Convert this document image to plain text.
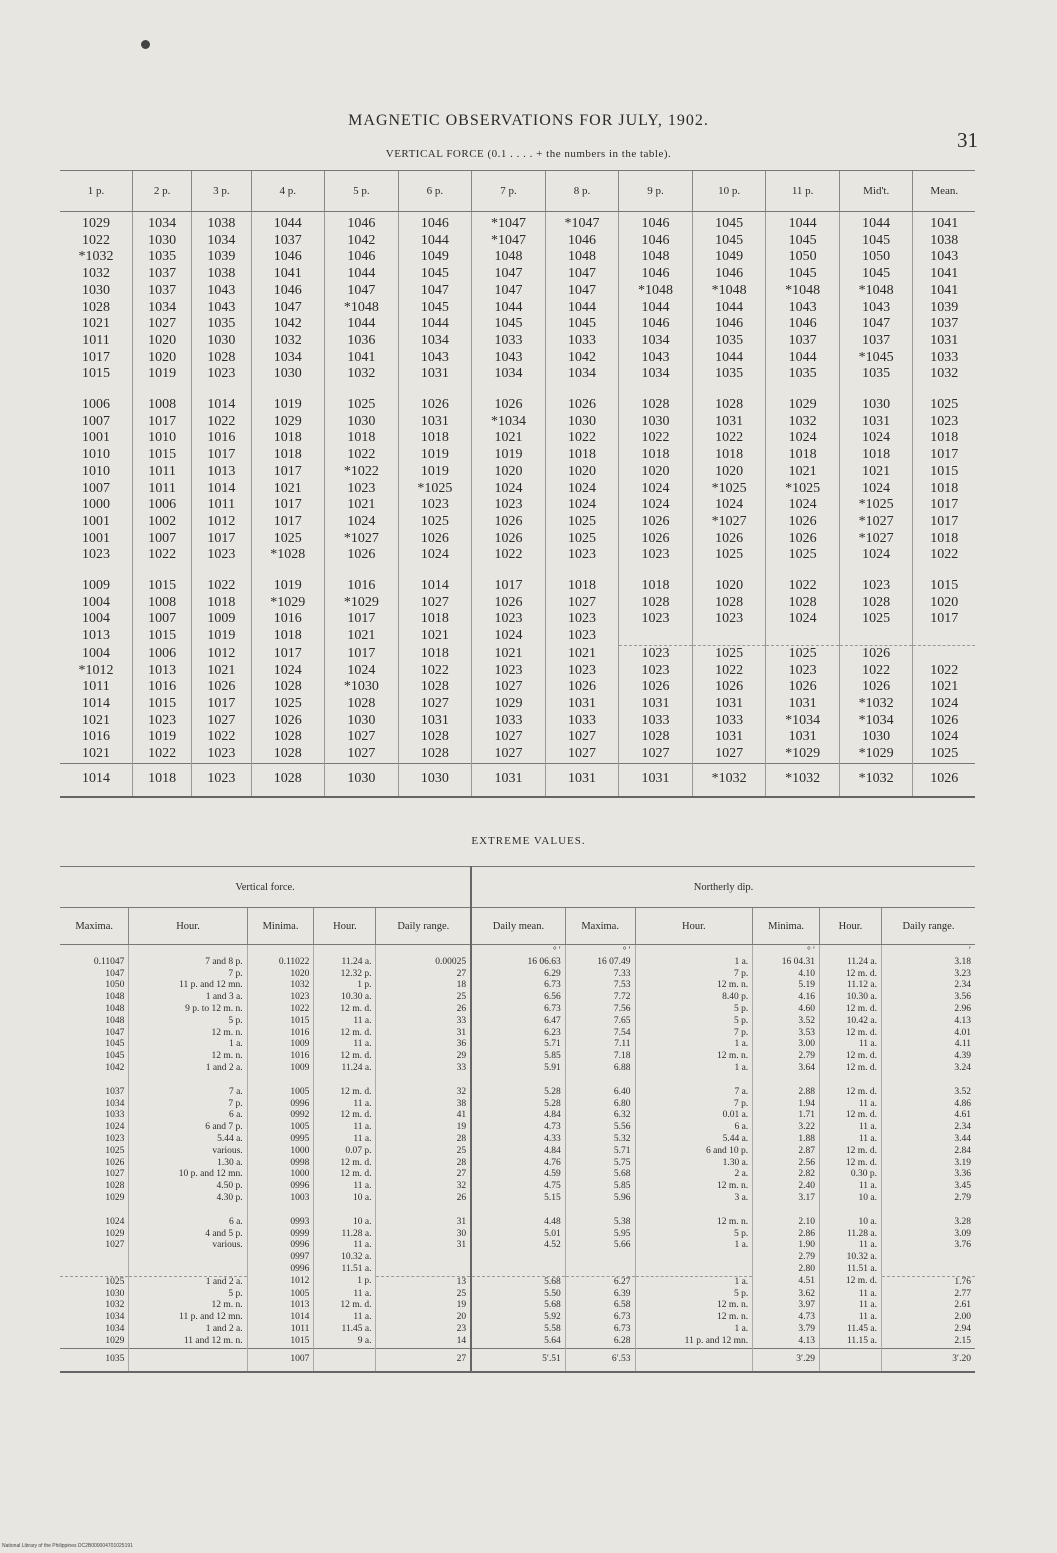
MAGNETIC OBSERVATIONS FOR JULY, 1902.
31
VERTICAL FORCE (0.1 . . . . + the numbers in the table).
1 p.	2 p.	3 p.	4 p.	5 p.	6 p.	7 p.	8 p.	9 p.	10 p.	11 p.	Mid't.	Mean.
1029	1034	1038	1044	1046	1046	*1047	*1047	1046	1045	1044	1044	1041
1022	1030	1034	1037	1042	1044	*1047	1046	1046	1045	1045	1045	1038
*1032	1035	1039	1046	1046	1049	1048	1048	1048	1049	1050	1050	1043
1032	1037	1038	1041	1044	1045	1047	1047	1046	1046	1045	1045	1041
1030	1037	1043	1046	1047	1047	1047	1047	*1048	*1048	*1048	*1048	1041
1028	1034	1043	1047	*1048	1045	1044	1044	1044	1044	1043	1043	1039
1021	1027	1035	1042	1044	1044	1045	1045	1046	1046	1046	1047	1037
1011	1020	1030	1032	1036	1034	1033	1033	1034	1035	1037	1037	1031
1017	1020	1028	1034	1041	1043	1043	1042	1043	1044	1044	*1045	1033
1015	1019	1023	1030	1032	1031	1034	1034	1034	1035	1035	1035	1032

1006	1008	1014	1019	1025	1026	1026	1026	1028	1028	1029	1030	1025
1007	1017	1022	1029	1030	1031	*1034	1030	1030	1031	1032	1031	1023
1001	1010	1016	1018	1018	1018	1021	1022	1022	1022	1024	1024	1018
1010	1015	1017	1018	1022	1019	1019	1018	1018	1018	1018	1018	1017
1010	1011	1013	1017	*1022	1019	1020	1020	1020	1020	1021	1021	1015
1007	1011	1014	1021	1023	*1025	1024	1024	1024	*1025	*1025	1024	1018
1000	1006	1011	1017	1021	1023	1023	1024	1024	1024	1024	*1025	1017
1001	1002	1012	1017	1024	1025	1026	1025	1026	*1027	1026	*1027	1017
1001	1007	1017	1025	*1027	1026	1026	1025	1026	1026	1026	*1027	1018
1023	1022	1023	*1028	1026	1024	1022	1023	1023	1025	1025	1024	1022

1009	1015	1022	1019	1016	1014	1017	1018	1018	1020	1022	1023	1015
1004	1008	1018	*1029	*1029	1027	1026	1027	1028	1028	1028	1028	1020
1004	1007	1009	1016	1017	1018	1023	1023	1023	1023	1024	1025	1017
1013	1015	1019	1018	1021	1021	1024	1023					
1004	1006	1012	1017	1017	1018	1021	1021	1023	1025	1025	1026	
*1012	1013	1021	1024	1024	1022	1023	1023	1023	1022	1023	1022	1022
1011	1016	1026	1028	*1030	1028	1027	1026	1026	1026	1026	1026	1021
1014	1015	1017	1025	1028	1027	1029	1031	1031	1031	1031	*1032	1024
1021	1023	1027	1026	1030	1031	1033	1033	1033	1033	*1034	*1034	1026
1016	1019	1022	1028	1027	1028	1027	1027	1028	1031	1031	1030	1024
1021	1022	1023	1028	1027	1028	1027	1027	1027	1027	*1029	*1029	1025
1014	1018	1023	1028	1030	1030	1031	1031	1031	*1032	*1032	*1032	1026
EXTREME VALUES.
Vertical force.					Northerly dip.					
Maxima.	Hour.	Minima.	Hour.	Daily range.	Daily mean.	Maxima.	Hour.	Minima.	Hour.	Daily range.
					° ′	° ′		° ′		′
0.11047	7 and 8 p.	0.11022	11.24 a.	0.00025	16 06.63	16 07.49	1 a.	16 04.31	11.24 a.	3.18
1047	7 p.	1020	12.32 p.	27	6.29	7.33	7 p.	4.10	12 m. d.	3.23
1050	11 p. and 12 mn.	1032	1 p.	18	6.73	7.53	12 m. n.	5.19	11.12 a.	2.34
1048	1 and 3 a.	1023	10.30 a.	25	6.56	7.72	8.40 p.	4.16	10.30 a.	3.56
1048	9 p. to 12 m. n.	1022	12 m. d.	26	6.73	7.56	5 p.	4.60	12 m. d.	2.96
1048	5 p.	1015	11 a.	33	6.47	7.65	5 p.	3.52	10.42 a.	4.13
1047	12 m. n.	1016	12 m. d.	31	6.23	7.54	7 p.	3.53	12 m. d.	4.01
1045	1 a.	1009	11 a.	36	5.71	7.11	1 a.	3.00	11 a.	4.11
1045	12 m. n.	1016	12 m. d.	29	5.85	7.18	12 m. n.	2.79	12 m. d.	4.39
1042	1 and 2 a.	1009	11.24 a.	33	5.91	6.88	1 a.	3.64	12 m. d.	3.24

1037	7 a.	1005	12 m. d.	32	5.28	6.40	7 a.	2.88	12 m. d.	3.52
1034	7 p.	0996	11 a.	38	5.28	6.80	7 p.	1.94	11 a.	4.86
1033	6 a.	0992	12 m. d.	41	4.84	6.32	0.01 a.	1.71	12 m. d.	4.61
1024	6 and 7 p.	1005	11 a.	19	4.73	5.56	6 a.	3.22	11 a.	2.34
1023	5.44 a.	0995	11 a.	28	4.33	5.32	5.44 a.	1.88	11 a.	3.44
1025	various.	1000	0.07 p.	25	4.84	5.71	6 and 10 p.	2.87	12 m. d.	2.84
1026	1.30 a.	0998	12 m. d.	28	4.76	5.75	1.30 a.	2.56	12 m. d.	3.19
1027	10 p. and 12 mn.	1000	12 m. d.	27	4.59	5.68	2 a.	2.82	0.30 p.	3.36
1028	4.50 p.	0996	11 a.	32	4.75	5.85	12 m. n.	2.40	11 a.	3.45
1029	4.30 p.	1003	10 a.	26	5.15	5.96	3 a.	3.17	10 a.	2.79

1024	6 a.	0993	10 a.	31	4.48	5.38	12 m. n.	2.10	10 a.	3.28
1029	4 and 5 p.	0999	11.28 a.	30	5.01	5.95	5 p.	2.86	11.28 a.	3.09
1027	various.	0996	11 a.	31	4.52	5.66	1 a.	1.90	11 a.	3.76
		0997	10.32 a.					2.79	10.32 a.	
		0996	11.51 a.					2.80	11.51 a.	
1025	1 and 2 a.	1012	1 p.	13	5.68	6.27	1 a.	4.51	12 m. d.	1.76
1030	5 p.	1005	11 a.	25	5.50	6.39	5 p.	3.62	11 a.	2.77
1032	12 m. n.	1013	12 m. d.	19	5.68	6.58	12 m. n.	3.97	11 a.	2.61
1034	11 p. and 12 mn.	1014	11 a.	20	5.92	6.73	12 m. n.	4.73	11 a.	2.00
1034	1 and 2 a.	1011	11.45 a.	23	5.58	6.73	1 a.	3.79	11.45 a.	2.94
1029	11 and 12 m. n.	1015	9 a.	14	5.64	6.28	11 p. and 12 mn.	4.13	11.15 a.	2.15
1035		1007		27	5′.51	6′.53		3′.29		3′.20
National Library of the Philippines DC2B000004701025191
